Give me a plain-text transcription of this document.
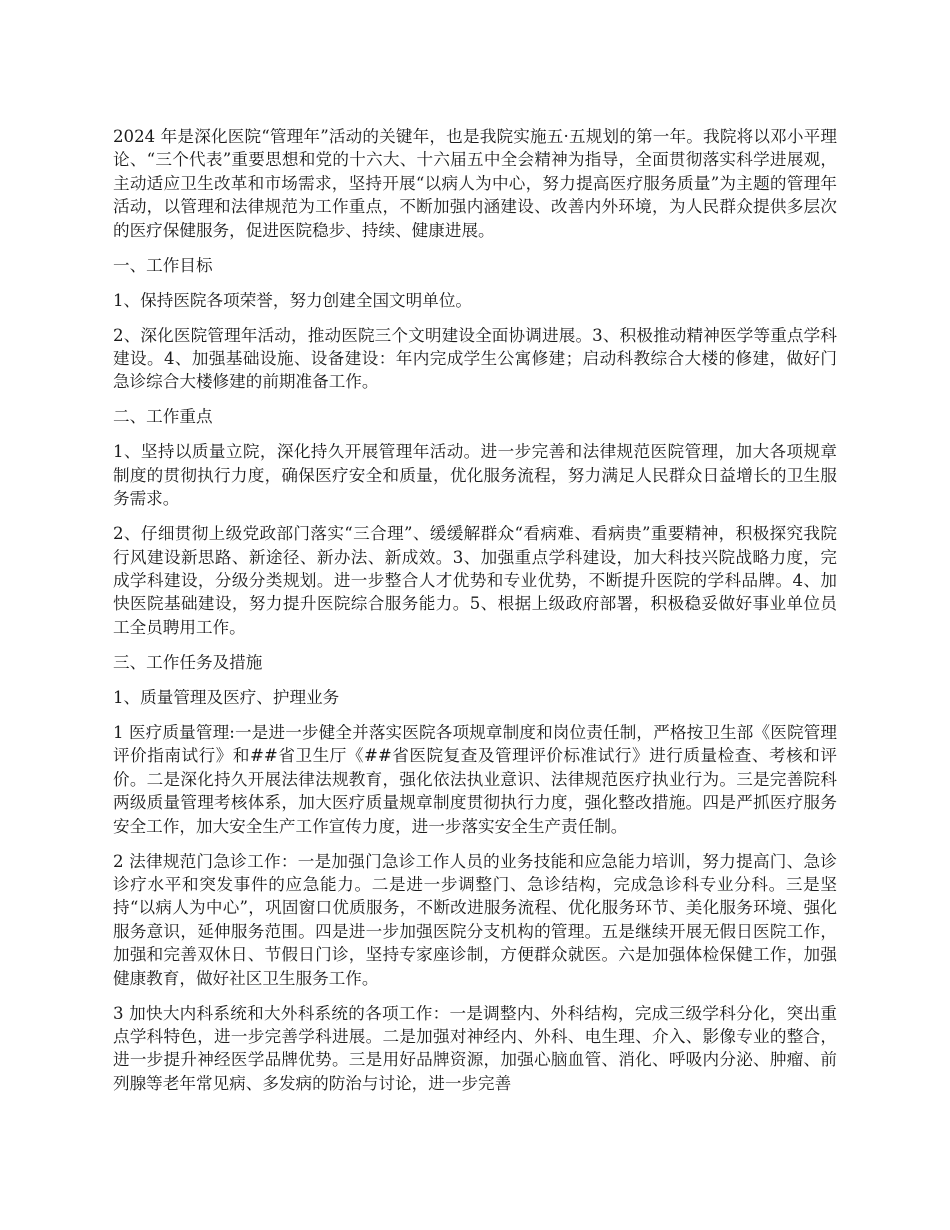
2024 年是深化医院“管理年”活动的关键年，也是我院实施五·五规划的第一年。我院将以邓小平理论、“三个代表”重要思想和党的十六大、十六届五中全会精神为指导，全面贯彻落实科学进展观，主动适应卫生改革和市场需求，坚持开展“以病人为中心，努力提高医疗服务质量”为主题的管理年活动，以管理和法律规范为工作重点，不断加强内涵建设、改善内外环境，为人民群众提供多层次的医疗保健服务，促进医院稳步、持续、健康进展。

一、工作目标

1、保持医院各项荣誉，努力创建全国文明单位。

2、深化医院管理年活动，推动医院三个文明建设全面协调进展。3、积极推动精神医学等重点学科建设。4、加强基础设施、设备建设：年内完成学生公寓修建；启动科教综合大楼的修建，做好门急诊综合大楼修建的前期准备工作。

二、工作重点

1、坚持以质量立院，深化持久开展管理年活动。进一步完善和法律规范医院管理，加大各项规章制度的贯彻执行力度，确保医疗安全和质量，优化服务流程，努力满足人民群众日益增长的卫生服务需求。

2、仔细贯彻上级党政部门落实“三合理”、缓缓解群众“看病难、看病贵”重要精神，积极探究我院行风建设新思路、新途径、新办法、新成效。3、加强重点学科建设，加大科技兴院战略力度，完成学科建设，分级分类规划。进一步整合人才优势和专业优势，不断提升医院的学科品牌。4、加快医院基础建设，努力提升医院综合服务能力。5、根据上级政府部署，积极稳妥做好事业单位员工全员聘用工作。

三、工作任务及措施

1、质量管理及医疗、护理业务

1 医疗质量管理:一是进一步健全并落实医院各项规章制度和岗位责任制，严格按卫生部《医院管理评价指南试行》和##省卫生厅《##省医院复查及管理评价标准试行》进行质量检查、考核和评价。二是深化持久开展法律法规教育，强化依法执业意识、法律规范医疗执业行为。三是完善院科两级质量管理考核体系，加大医疗质量规章制度贯彻执行力度，强化整改措施。四是严抓医疗服务安全工作，加大安全生产工作宣传力度，进一步落实安全生产责任制。

2 法律规范门急诊工作：一是加强门急诊工作人员的业务技能和应急能力培训，努力提高门、急诊诊疗水平和突发事件的应急能力。二是进一步调整门、急诊结构，完成急诊科专业分科。三是坚持“以病人为中心”，巩固窗口优质服务，不断改进服务流程、优化服务环节、美化服务环境、强化服务意识，延伸服务范围。四是进一步加强医院分支机构的管理。五是继续开展无假日医院工作，加强和完善双休日、节假日门诊，坚持专家座诊制，方便群众就医。六是加强体检保健工作，加强健康教育，做好社区卫生服务工作。

3 加快大内科系统和大外科系统的各项工作：一是调整内、外科结构，完成三级学科分化，突出重点学科特色，进一步完善学科进展。二是加强对神经内、外科、电生理、介入、影像专业的整合，进一步提升神经医学品牌优势。三是用好品牌资源，加强心脑血管、消化、呼吸内分泌、肿瘤、前列腺等老年常见病、多发病的防治与讨论，进一步完善
